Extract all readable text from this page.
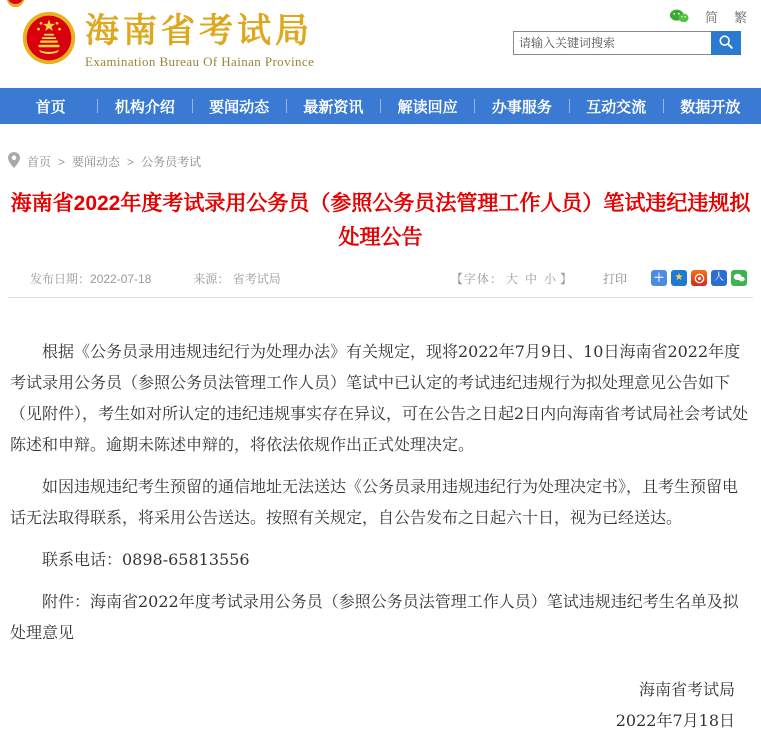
海南省考试局
Examination Bureau Of Hainan Province
简 繁
请输入关键词搜索
首页	机构介绍	要闻动态	最新资讯	解读回应	办事服务	互动交流	数据开放
首页 > 要闻动态 > 公务员考试
海南省2022年度考试录用公务员（参照公务员法管理工作人员）笔试违纪违规拟处理公告
发布日期：2022-07-18	来源： 省考试局	【字体： 大 中 小 】	打印 ＋	★	人

根据《公务员录用违规违纪行为处理办法》有关规定，现将2022年7月9日、10日海南省2022年度考试录用公务员（参照公务员法管理工作人员）笔试中已认定的考试违纪违规行为拟处理意见公告如下（见附件），考生如对所认定的违纪违规事实存在异议，可在公告之日起2日内向海南省考试局社会考试处陈述和申辩。逾期未陈述申辩的，将依法依规作出正式处理决定。

如因违规违纪考生预留的通信地址无法送达《公务员录用违规违纪行为处理决定书》，且考生预留电话无法取得联系，将采用公告送达。按照有关规定，自公告发布之日起六十日，视为已经送达。

联系电话：0898-65813556

附件：海南省2022年度考试录用公务员（参照公务员法管理工作人员）笔试违规违纪考生名单及拟处理意见

海南省考试局
2022年7月18日
